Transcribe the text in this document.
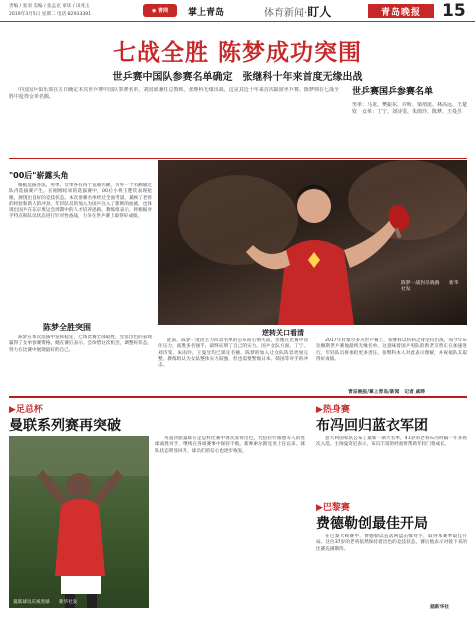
责编 / 张羽 美编 / 张孟克 审读 / 田兆玉
2019年3月5日 星期二 电话:82933391
◉ 青网	掌上青岛	体育新闻· 盯人	青岛晚报	15
七战全胜 陈梦成功突围
世乒赛中国队参赛名单确定　张继科十年来首度无缘出战

中国国乒俱乐部在五日确定本次世乒赛中国队参赛名单，刘国梁兼任总教练，张继科无缘出战，这是其近十年来首次缺席世乒赛。陈梦则在七战全胜中抢得女单名额。	世乒赛国乒参赛名单
男单：马龙、樊振东、许昕、梁靖崑、林高远、王楚钦　女单：丁宁、刘诗雯、朱雨玲、陈梦、王曼昱
"00后"崭露头角

根据选拔办法，男单、女单各有四个直通名额，另外一个名额通过队内选拔赛产生。在刚刚结束的选拔赛中，00后小将王楚钦表现抢眼，展现出良好的竞技状态。本次参赛名单经过全面考量，兼顾了老将的经验和新人的冲劲。年轻队员的加入为国乒注入了新鲜的血液，也体现出国乒在东京奥运会周期中的人才培养思路。教练组表示，将根据对手特点和队员状态进行针对性备战，力争在世乒赛上取得好成绩。

陈梦全胜突围

陈梦在本次选拔中发挥稳定，七场比赛全部取胜，凭借出色的表现赢得了女单参赛资格。她在赛后表示，会珍惜这次机会，调整好状态，努力在比赛中展现最好的自己。

陈梦一战封尽晓鹃　　新华社发
逆转关口看清

此前，陈梦一度因主力阵容名单的公布而心情失落，但她在比赛中顶住压力，战胜多名强手，最终证明了自己的实力。国乒女队方面，丁宁、刘诗雯、朱雨玲、王曼昱均已锁定名额，陈梦的加入让女队阵容更加完整。教练组认为女队整体实力较强，但也需要警惕日本、韩国等对手的冲击。

2017年杜塞尔多夫世乒赛上，张继科以伤病之身坚持出战，而今年布达佩斯世乒赛他最终无缘名单。这意味着国乒男队的新老交替正在加速进行，年轻队员将承担更多责任。张继科本人对此表示理解，并祝福队友取得好成绩。

青岛晚报/掌上青岛/新闻　记者 戚晔
▶足总杯
曼联系列赛再突破
曼联球员庆祝进球　　新华社发

英超劲旅曼联在足总杯比赛中再次发挥出色，凭借拉什福德等人的进球战胜对手，继续在各项赛事中保持不败。新帅索尔斯克亚上任以来，球队状态明显回升，球员们的信心也逐步恢复。

▶热身赛
布冯回归蓝衣军团

意大利国家队公布了最新一期大名单，41岁的老将布冯时隔一年多再次入选。主帅曼奇尼表示，布冯丰富的经验将帮助年轻门将成长。

▶巴黎赛
费德勒创最佳开局

在巴黎大师赛中，费德勒以直落两盘击败对手，取得本赛季最佳开局。这位37岁的老将依然保持着出色的竞技状态，赛后他表示对接下来的比赛充满期待。

据新华社
